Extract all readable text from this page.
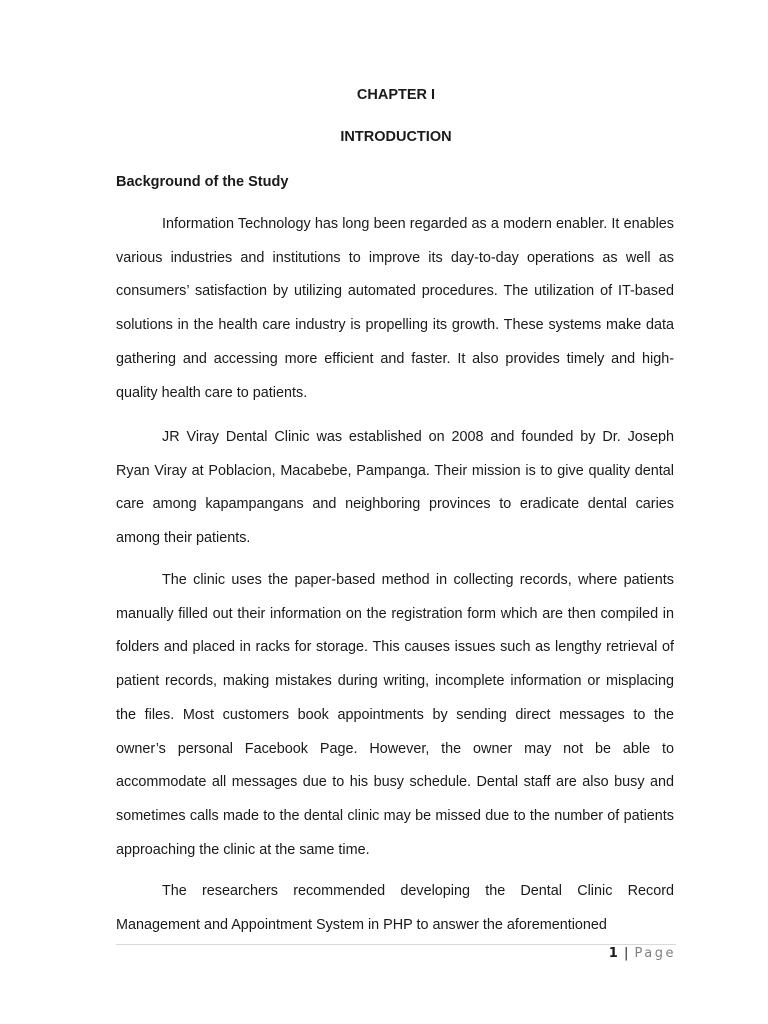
CHAPTER I
INTRODUCTION
Background of the Study

Information Technology has long been regarded as a modern enabler. It enables various industries and institutions to improve its day-to-day operations as well as consumers’ satisfaction by utilizing automated procedures. The utilization of IT-based solutions in the health care industry is propelling its growth. These systems make data gathering and accessing more efficient and faster. It also provides timely and high-quality health care to patients.

JR Viray Dental Clinic was established on 2008 and founded by Dr. Joseph Ryan Viray at Poblacion, Macabebe, Pampanga. Their mission is to give quality dental care among kapampangans and neighboring provinces to eradicate dental caries among their patients.

The clinic uses the paper-based method in collecting records, where patients manually filled out their information on the registration form which are then compiled in folders and placed in racks for storage. This causes issues such as lengthy retrieval of patient records, making mistakes during writing, incomplete information or misplacing the files. Most customers book appointments by sending direct messages to the owner’s personal Facebook Page. However, the owner may not be able to accommodate all messages due to his busy schedule. Dental staff are also busy and sometimes calls made to the dental clinic may be missed due to the number of patients approaching the clinic at the same time.

The researchers recommended developing the Dental Clinic Record Management and Appointment System in PHP to answer the aforementioned

1 | Page
